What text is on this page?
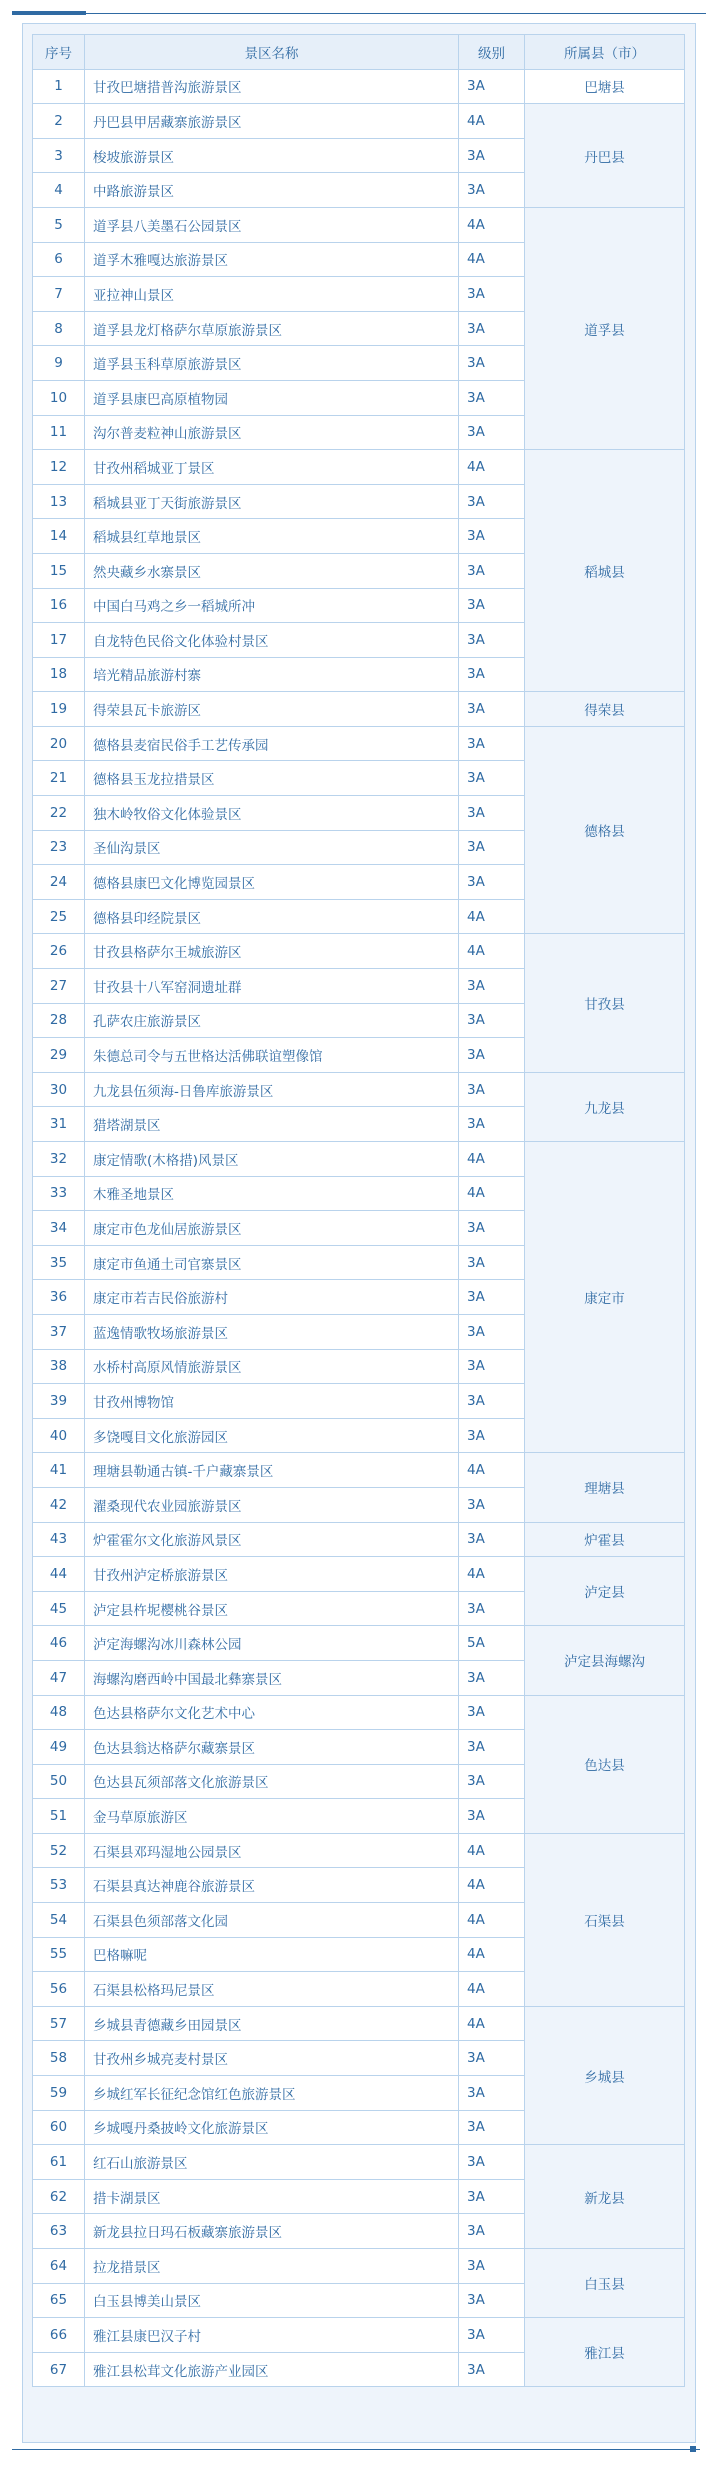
序号	景区名称	级别	所属县（市）
1	甘孜巴塘措普沟旅游景区	3A	巴塘县
2	丹巴县甲居藏寨旅游景区	4A	丹巴县
3	梭坡旅游景区	3A	
4	中路旅游景区	3A	
5	道孚县八美墨石公园景区	4A	道孚县
6	道孚木雅嘎达旅游景区	4A	
7	亚拉神山景区	3A	
8	道孚县龙灯格萨尔草原旅游景区	3A	
9	道孚县玉科草原旅游景区	3A	
10	道孚县康巴高原植物园	3A	
11	沟尔普麦粒神山旅游景区	3A	
12	甘孜州稻城亚丁景区	4A	稻城县
13	稻城县亚丁天街旅游景区	3A	
14	稻城县红草地景区	3A	
15	然央藏乡水寨景区	3A	
16	中国白马鸡之乡一稻城所冲	3A	
17	自龙特色民俗文化体验村景区	3A	
18	培光精品旅游村寨	3A	
19	得荣县瓦卡旅游区	3A	得荣县
20	德格县麦宿民俗手工艺传承园	3A	德格县
21	德格县玉龙拉措景区	3A	
22	独木岭牧俗文化体验景区	3A	
23	圣仙沟景区	3A	
24	德格县康巴文化博览园景区	3A	
25	德格县印经院景区	4A	
26	甘孜县格萨尔王城旅游区	4A	甘孜县
27	甘孜县十八军窑洞遗址群	3A	
28	孔萨农庄旅游景区	3A	
29	朱德总司令与五世格达活佛联谊塑像馆	3A	
30	九龙县伍须海-日鲁库旅游景区	3A	九龙县
31	猎塔湖景区	3A	
32	康定情歌(木格措)风景区	4A	康定市
33	木雅圣地景区	4A	
34	康定市色龙仙居旅游景区	3A	
35	康定市鱼通土司官寨景区	3A	
36	康定市若吉民俗旅游村	3A	
37	蓝逸情歌牧场旅游景区	3A	
38	水桥村高原风情旅游景区	3A	
39	甘孜州博物馆	3A	
40	多饶嘎目文化旅游园区	3A	
41	理塘县勒通古镇-千户藏寨景区	4A	理塘县
42	濯桑现代农业园旅游景区	3A	
43	炉霍霍尔文化旅游风景区	3A	炉霍县
44	甘孜州泸定桥旅游景区	4A	泸定县
45	泸定县杵坭樱桃谷景区	3A	
46	泸定海螺沟冰川森林公园	5A	泸定县海螺沟
47	海螺沟磨西岭中国最北彝寨景区	3A	
48	色达县格萨尔文化艺术中心	3A	色达县
49	色达县翁达格萨尔藏寨景区	3A	
50	色达县瓦须部落文化旅游景区	3A	
51	金马草原旅游区	3A	
52	石渠县邓玛湿地公园景区	4A	石渠县
53	石渠县真达神鹿谷旅游景区	4A	
54	石渠县色须部落文化园	4A	
55	巴格嘛呢	4A	
56	石渠县松格玛尼景区	4A	
57	乡城县青德藏乡田园景区	4A	乡城县
58	甘孜州乡城亮麦村景区	3A	
59	乡城红军长征纪念馆红色旅游景区	3A	
60	乡城嘎丹桑披岭文化旅游景区	3A	
61	红石山旅游景区	3A	新龙县
62	措卡湖景区	3A	
63	新龙县拉日玛石板藏寨旅游景区	3A	
64	拉龙措景区	3A	白玉县
65	白玉县博美山景区	3A	
66	雅江县康巴汉子村	3A	雅江县
67	雅江县松茸文化旅游产业园区	3A	
